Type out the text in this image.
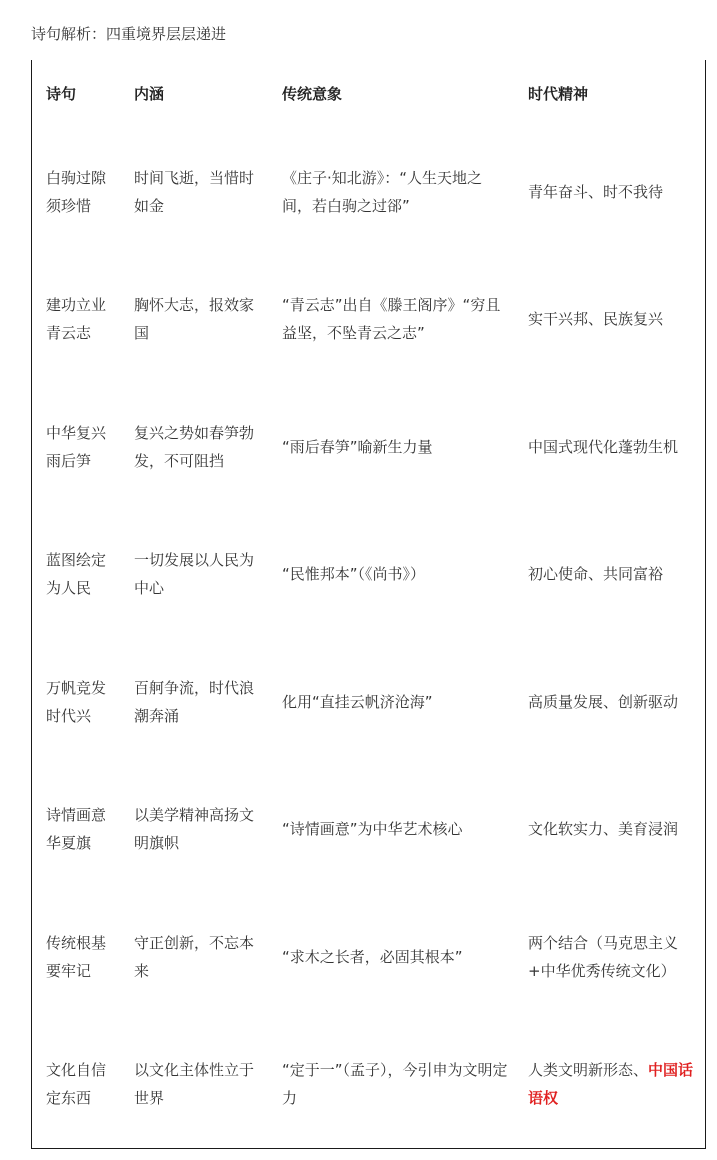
诗句解析：四重境界层层递进
诗句	内涵	传统意象	时代精神
白驹过隙须珍惜	时间飞逝，当惜时如金	《庄子·知北游》：“人生天地之间，若白驹之过郤”	青年奋斗、时不我待
建功立业青云志	胸怀大志，报效家国	“青云志”出自《滕王阁序》“穷且益坚，不坠青云之志”	实干兴邦、民族复兴
中华复兴雨后笋	复兴之势如春笋勃发，不可阻挡	“雨后春笋”喻新生力量	中国式现代化蓬勃生机
蓝图绘定为人民	一切发展以人民为中心	“民惟邦本”（《尚书》）	初心使命、共同富裕
万帆竞发时代兴	百舸争流，时代浪潮奔涌	化用“直挂云帆济沧海”	高质量发展、创新驱动
诗情画意华夏旗	以美学精神高扬文明旗帜	“诗情画意”为中华艺术核心	文化软实力、美育浸润
传统根基要牢记	守正创新，不忘本来	“求木之长者，必固其根本”	两个结合（马克思主义+中华优秀传统文化）
文化自信定东西	以文化主体性立于世界	“定于一”（孟子），今引申为文明定力	人类文明新形态、中国话语权
